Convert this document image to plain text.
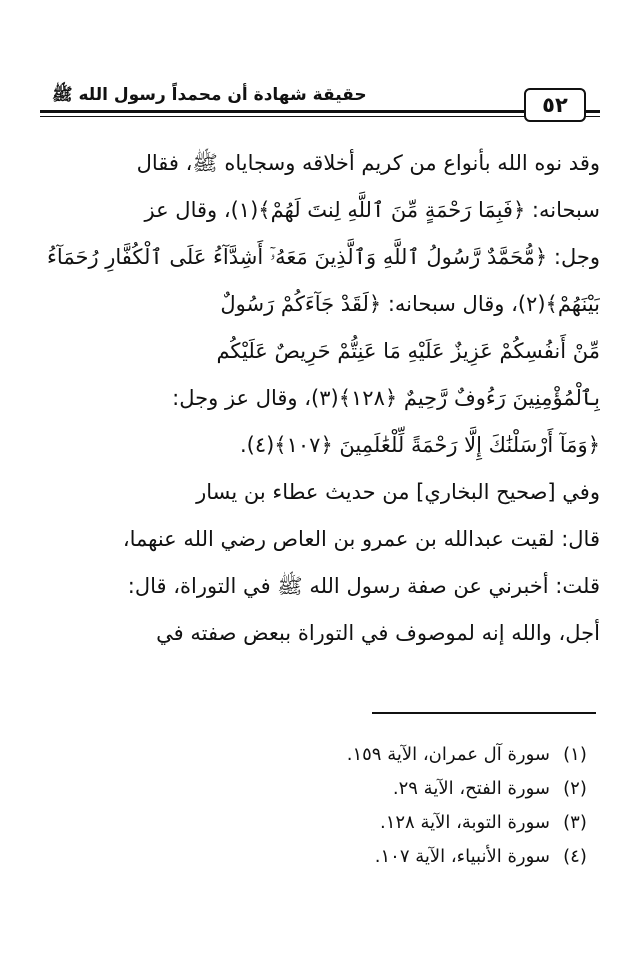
حقيقة شهادة أن محمداً رسول الله ﷺ	٥٢
وقد نوه الله بأنواع من كريم أخلاقه وسجاياه ﷺ، فقال
سبحانه: ﴿فَبِمَا رَحْمَةٍ مِّنَ ٱللَّهِ لِنتَ لَهُمْ﴾(١)، وقال عز
وجل: ﴿مُّحَمَّدٌ رَّسُولُ ٱللَّهِ وَٱلَّذِينَ مَعَهُۥٓ أَشِدَّآءُ عَلَى ٱلْكُفَّارِ رُحَمَآءُ
بَيْنَهُمْ﴾(٢)، وقال سبحانه: ﴿لَقَدْ جَآءَكُمْ رَسُولٌ
مِّنْ أَنفُسِكُمْ عَزِيزٌ عَلَيْهِ مَا عَنِتُّمْ حَرِيصٌ عَلَيْكُم
بِٱلْمُؤْمِنِينَ رَءُوفٌ رَّحِيمٌ ﴿١٢٨﴾(٣)، وقال عز وجل:
﴿وَمَآ أَرْسَلْنَٰكَ إِلَّا رَحْمَةً لِّلْعَٰلَمِينَ ﴿١٠٧﴾(٤).
وفي [صحيح البخاري] من حديث عطاء بن يسار
قال: لقيت عبدالله بن عمرو بن العاص رضي الله عنهما،
قلت: أخبرني عن صفة رسول الله ﷺ في التوراة، قال:
أجل، والله إنه لموصوف في التوراة ببعض صفته في
(١)
سورة آل عمران، الآية ١٥٩.
(٢)
سورة الفتح، الآية ٢٩.
(٣)
سورة التوبة، الآية ١٢٨.
(٤)
سورة الأنبياء، الآية ١٠٧.
